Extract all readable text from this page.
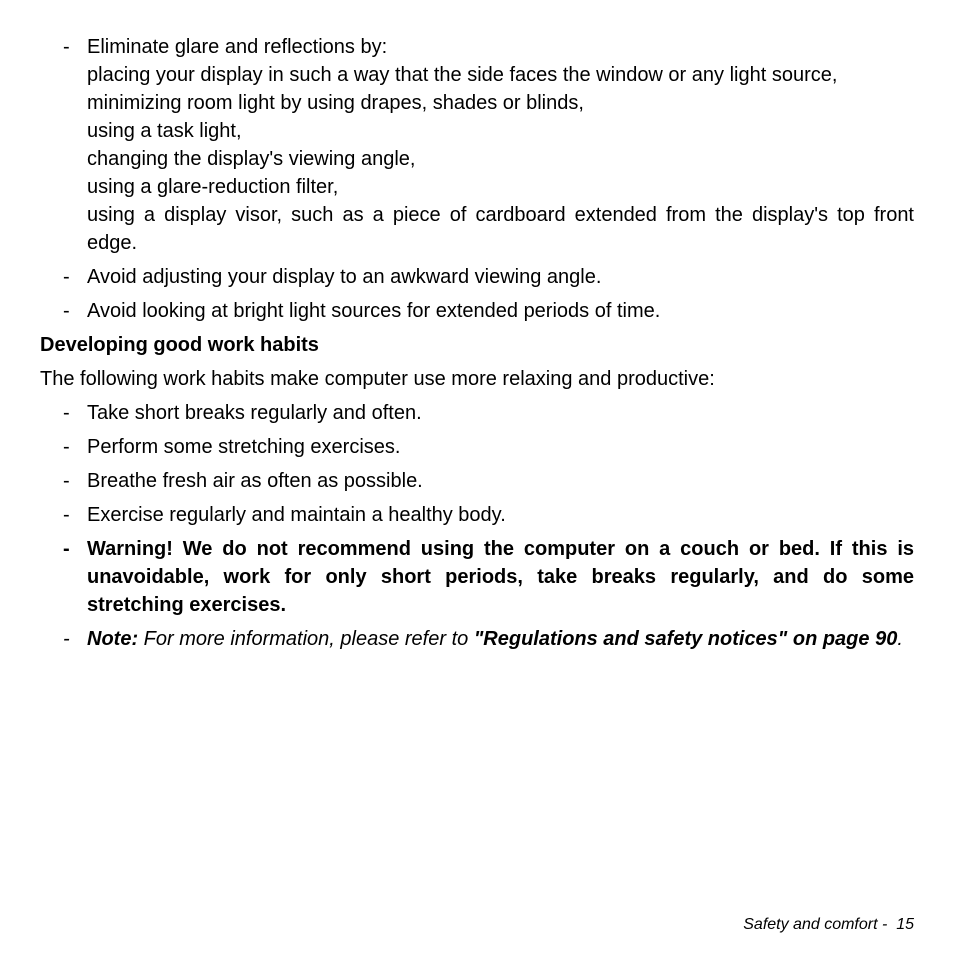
- Eliminate glare and reflections by:
placing your display in such a way that the side faces the window or any light source,
minimizing room light by using drapes, shades or blinds,
using a task light,
changing the display's viewing angle,
using a glare-reduction filter,
using a display visor, such as a piece of cardboard extended from the display's top front edge.
- Avoid adjusting your display to an awkward viewing angle.
- Avoid looking at bright light sources for extended periods of time.
Developing good work habits

The following work habits make computer use more relaxing and productive:

- Take short breaks regularly and often.
- Perform some stretching exercises.
- Breathe fresh air as often as possible.
- Exercise regularly and maintain a healthy body.
- Warning! We do not recommend using the computer on a couch or bed. If this is unavoidable, work for only short periods, take breaks regularly, and do some stretching exercises.
- Note: For more information, please refer to "Regulations and safety notices" on page 90.
Safety and comfort - 15
